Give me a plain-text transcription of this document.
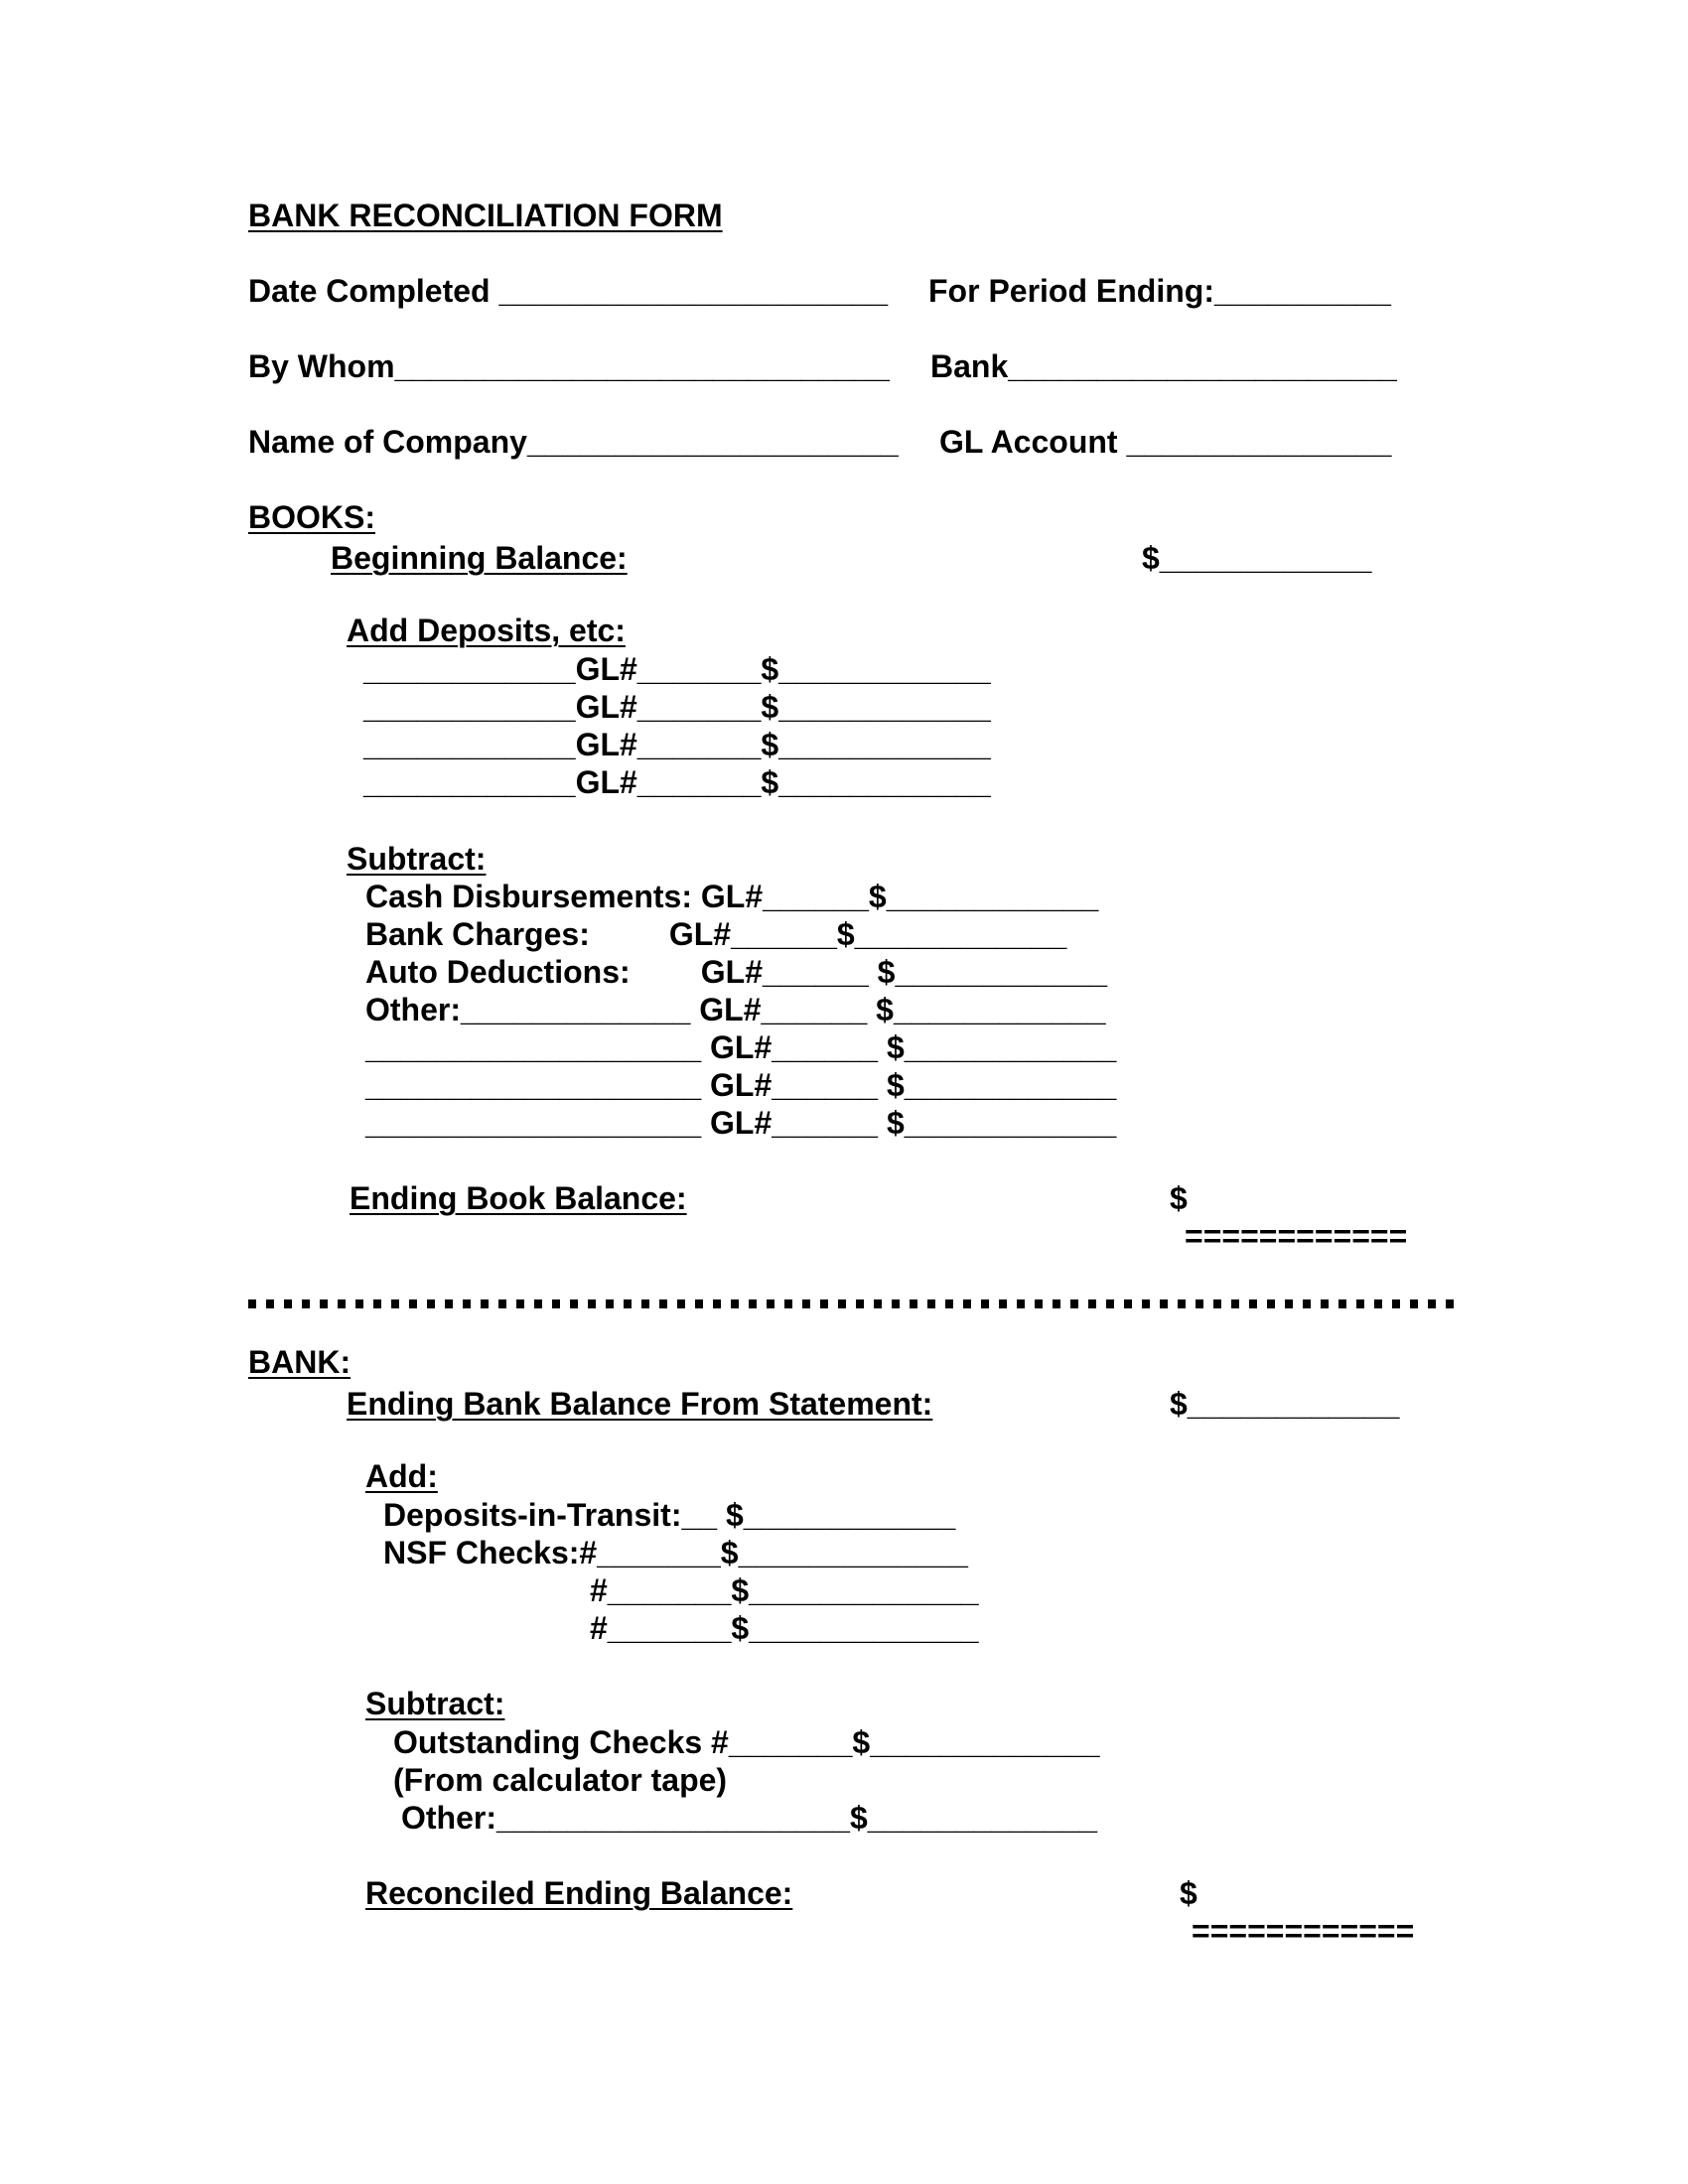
BANK RECONCILIATION FORM
Date Completed ______________________ For Period Ending:__________
By Whom____________________________ Bank______________________
Name of Company_____________________ GL Account _______________
BOOKS:
Beginning Balance:	$____________
Add Deposits, etc:
____________GL#_______$____________
____________GL#_______$____________
____________GL#_______$____________
____________GL#_______$____________
Subtract:
Cash Disbursements: GL#______$____________
Bank Charges:         GL#______$____________
Auto Deductions:        GL#______ $____________
Other:_____________ GL#______ $____________
___________________ GL#______ $____________
___________________ GL#______ $____________
___________________ GL#______ $____________
Ending Book Balance:	$
============
BANK:
Ending Bank Balance From Statement:	$____________
Add:
Deposits-in-Transit:__ $____________
NSF Checks:#_______$_____________
#_______$_____________
#_______$_____________
Subtract:
Outstanding Checks #_______$_____________
(From calculator tape)
Other:____________________$_____________
Reconciled Ending Balance:	$
============
